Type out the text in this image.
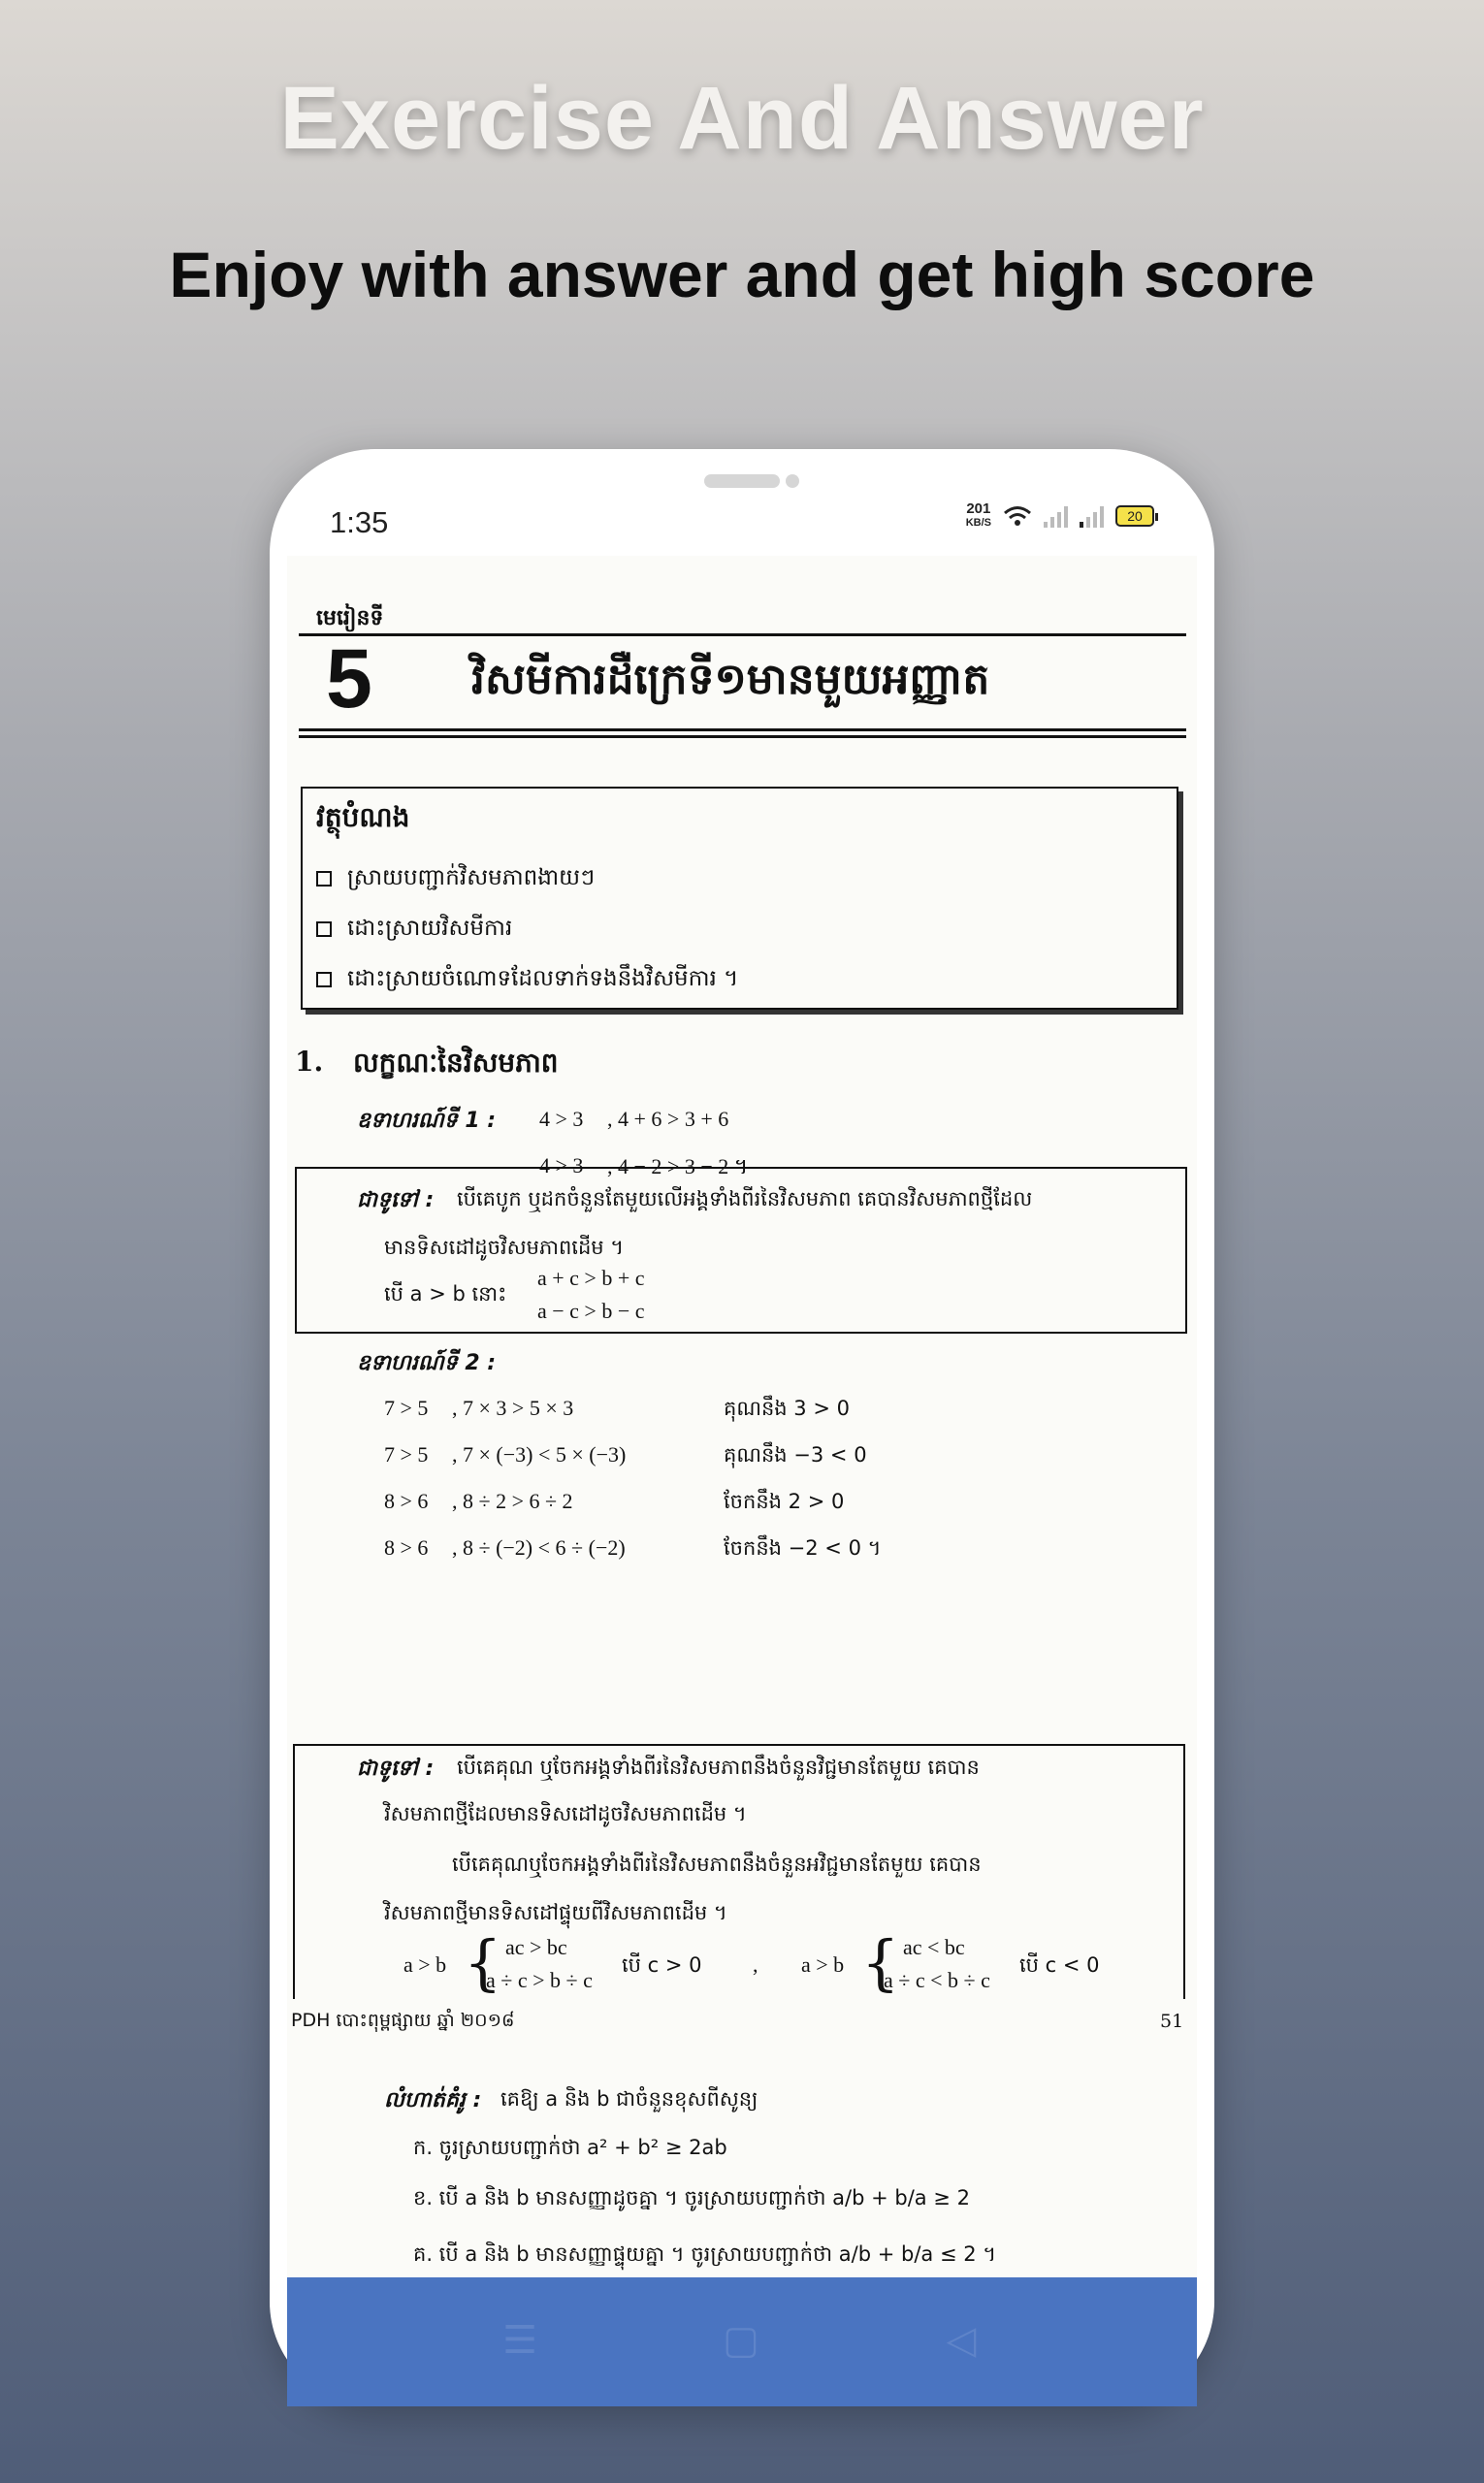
Exercise And Answer
Enjoy with answer and get high score
1:35	201
KB/S	20
មេរៀនទី
5 វិសមីការដឺក្រេទី១មានមួយអញ្ញាត
វត្ថុបំណង
ស្រាយបញ្ជាក់វិសមភាពងាយៗ
ដោះស្រាយវិសមីការ
ដោះស្រាយចំណោទដែលទាក់ទងនឹងវិសមីការ ។
1. លក្ខណៈនៃវិសមភាព
ឧទាហរណ៍ទី 1 : 4 > 3 , 4 + 6 > 3 + 6
4 > 3 , 4 − 2 > 3 − 2 ។
ជាទូទៅ : បើគេបូក ឬដកចំនួនតែមួយលើអង្គទាំងពីរនៃវិសមភាព គេបានវិសមភាពថ្មីដែល
មានទិសដៅដូចវិសមភាពដើម ។
បើ a > b នោះ
a + c > b + c
a − c > b − c
ឧទាហរណ៍ទី 2 :
7 > 5 , 7 × 3 > 5 × 3	គុណនឹង 3 > 0
7 > 5 , 7 × (−3) < 5 × (−3)	គុណនឹង −3 < 0
8 > 6 , 8 ÷ 2 > 6 ÷ 2	ចែកនឹង 2 > 0
8 > 6 , 8 ÷ (−2) < 6 ÷ (−2)	ចែកនឹង −2 < 0 ។
ជាទូទៅ : បើគេគុណ ឬចែកអង្គទាំងពីរនៃវិសមភាពនឹងចំនួនវិជ្ជមានតែមួយ គេបាន
វិសមភាពថ្មីដែលមានទិសដៅដូចវិសមភាពដើម ។
បើគេគុណឬចែកអង្គទាំងពីរនៃវិសមភាពនឹងចំនួនអវិជ្ជមានតែមួយ គេបាន
វិសមភាពថ្មីមានទិសដៅផ្ទុយពីវិសមភាពដើម ។
a > b { ac > bc
a ÷ c > b ÷ c
បើ c > 0 , a > b { ac < bc
a ÷ c < b ÷ c
បើ c < 0
PDH បោះពុម្ពផ្សាយ ឆ្នាំ ២០១៨	51
លំហាត់គំរូ : គេឱ្យ a និង b ជាចំនួនខុសពីសូន្យ
ក. ចូរស្រាយបញ្ជាក់ថា a² + b² ≥ 2ab
ខ. បើ a និង b មានសញ្ញាដូចគ្នា ។ ចូរស្រាយបញ្ជាក់ថា a/b + b/a ≥ 2
គ. បើ a និង b មានសញ្ញាផ្ទុយគ្នា ។ ចូរស្រាយបញ្ជាក់ថា a/b + b/a ≤ 2 ។
☰	▢	◁
